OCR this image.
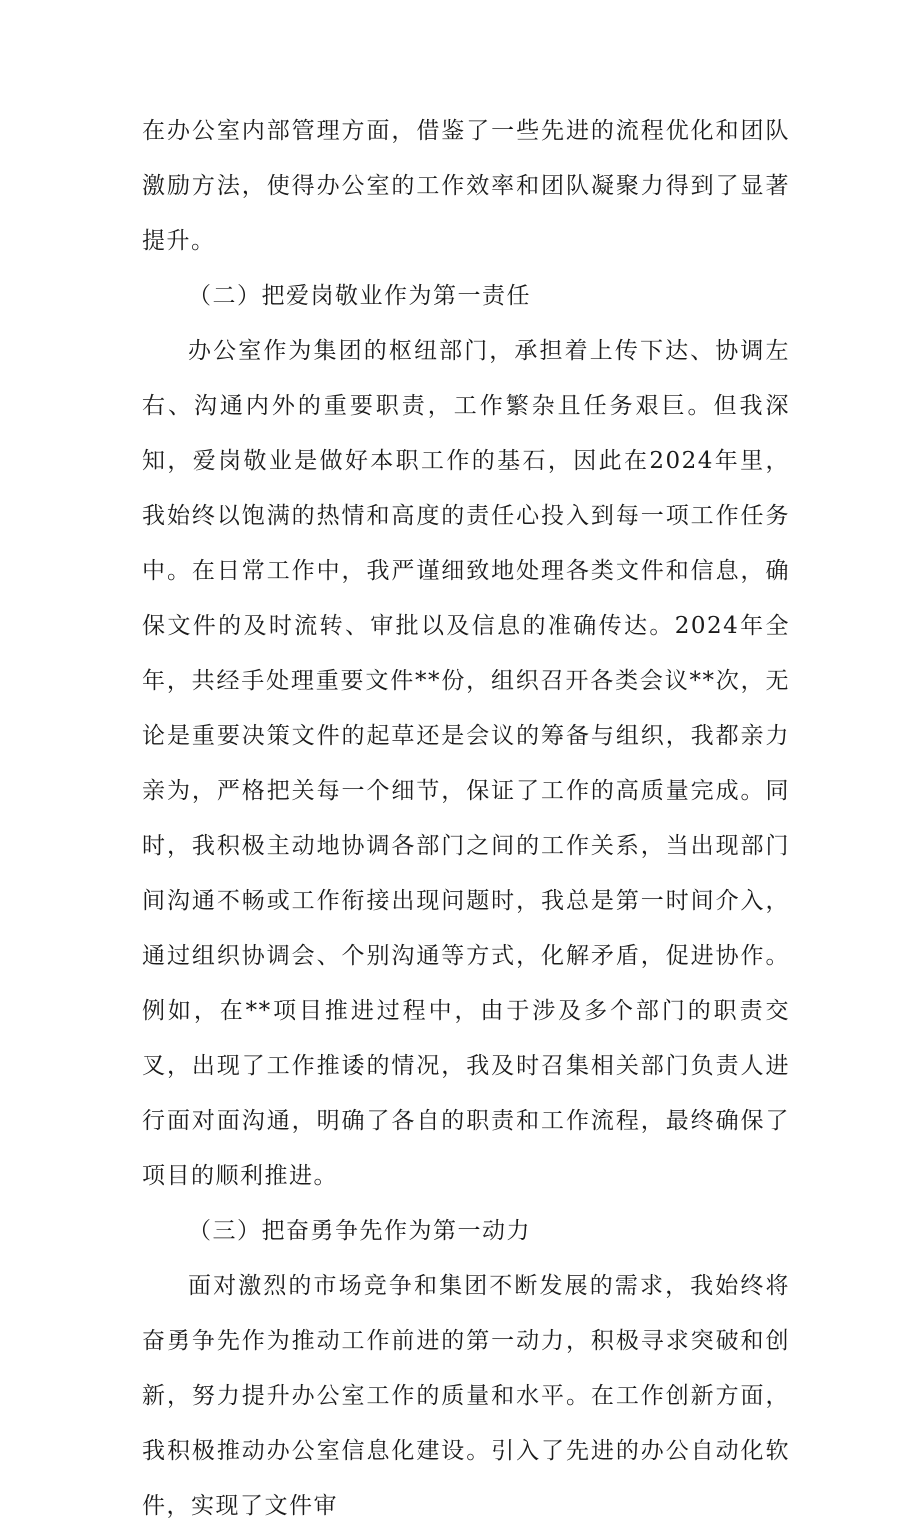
在办公室内部管理方面，借鉴了一些先进的流程优化和团队激励方法，使得办公室的工作效率和团队凝聚力得到了显著提升。

（二）把爱岗敬业作为第一责任

办公室作为集团的枢纽部门，承担着上传下达、协调左右、沟通内外的重要职责，工作繁杂且任务艰巨。但我深知，爱岗敬业是做好本职工作的基石，因此在2024年里，我始终以饱满的热情和高度的责任心投入到每一项工作任务中。在日常工作中，我严谨细致地处理各类文件和信息，确保文件的及时流转、审批以及信息的准确传达。2024年全年，共经手处理重要文件**份，组织召开各类会议**次，无论是重要决策文件的起草还是会议的筹备与组织，我都亲力亲为，严格把关每一个细节，保证了工作的高质量完成。同时，我积极主动地协调各部门之间的工作关系，当出现部门间沟通不畅或工作衔接出现问题时，我总是第一时间介入，通过组织协调会、个别沟通等方式，化解矛盾，促进协作。例如，在**项目推进过程中，由于涉及多个部门的职责交叉，出现了工作推诿的情况，我及时召集相关部门负责人进行面对面沟通，明确了各自的职责和工作流程，最终确保了项目的顺利推进。

（三）把奋勇争先作为第一动力

面对激烈的市场竞争和集团不断发展的需求，我始终将奋勇争先作为推动工作前进的第一动力，积极寻求突破和创新，努力提升办公室工作的质量和水平。在工作创新方面，我积极推动办公室信息化建设。引入了先进的办公自动化软件，实现了文件审
